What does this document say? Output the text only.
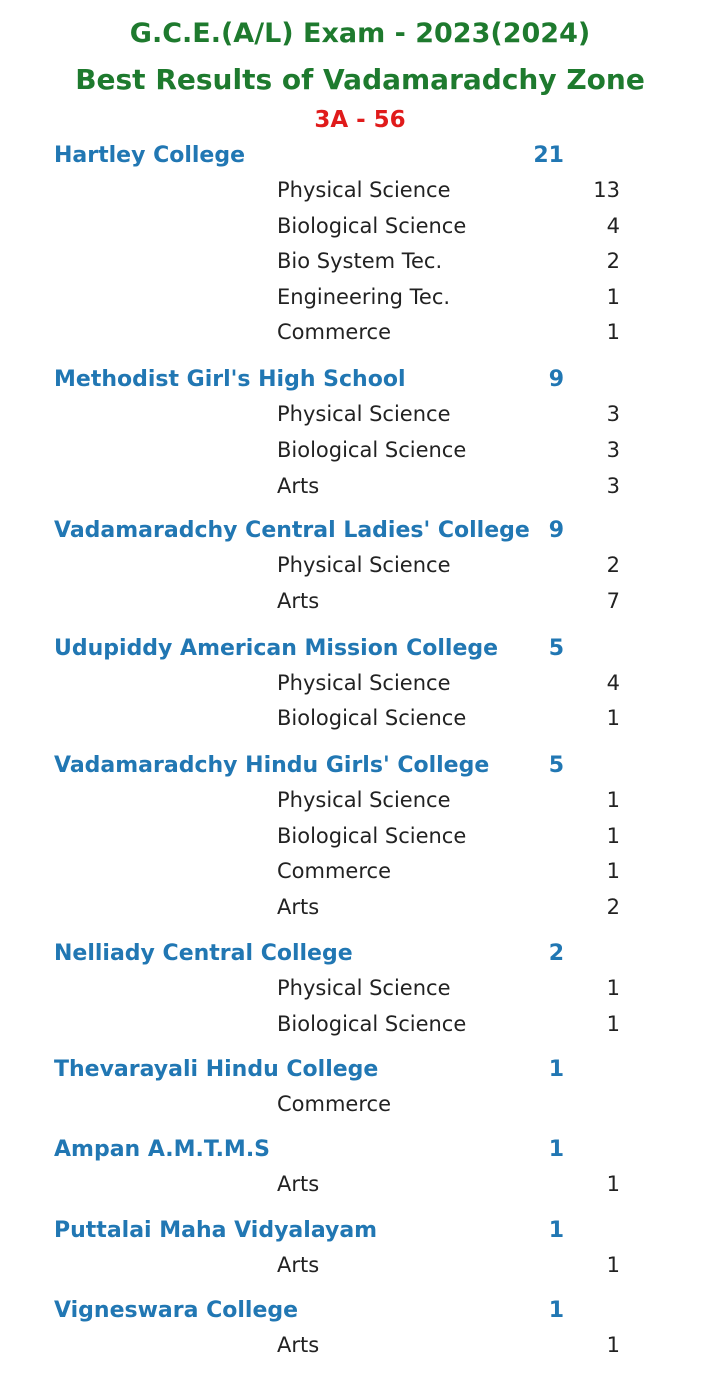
G.C.E.(A/L) Exam - 2023(2024)
Best Results of Vadamaradchy Zone
3A - 56
Hartley College	21
Physical Science	13
Biological Science	4
Bio System Tec.	2
Engineering Tec.	1
Commerce	1
Methodist Girl's High School	9
Physical Science	3
Biological Science	3
Arts	3
Vadamaradchy Central Ladies' College 9
Physical Science	2
Arts	7
Udupiddy American Mission College	5
Physical Science	4
Biological Science	1
Vadamaradchy Hindu Girls' College	5
Physical Science	1
Biological Science	1
Commerce	1
Arts	2
Nelliady Central College	2
Physical Science	1
Biological Science	1
Thevarayali Hindu College	1
Commerce
Ampan A.M.T.M.S	1
Arts	1
Puttalai Maha Vidyalayam	1
Arts	1
Vigneswara College	1
Arts	1
